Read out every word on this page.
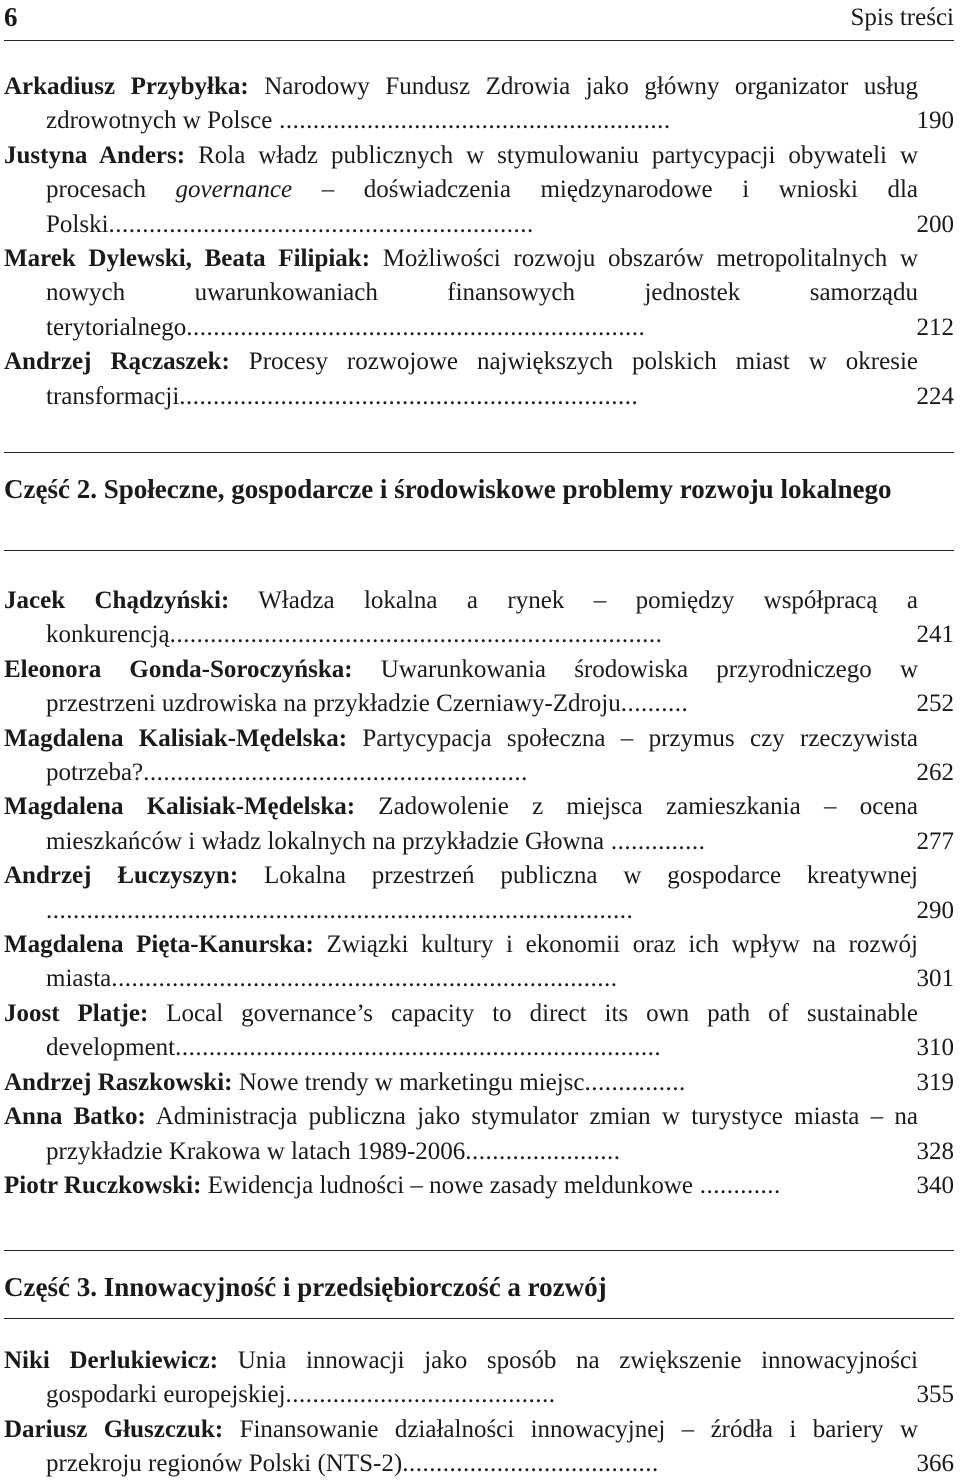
6	Spis treści
Arkadiusz Przybyłka: Narodowy Fundusz Zdrowia jako główny organizator usług zdrowotnych w Polsce ..........................................................	190
Justyna Anders: Rola władz publicznych w stymulowaniu partycypacji obywateli w procesach governance – doświadczenia międzynarodowe i wnioski dla Polski...............................................................	200
Marek Dylewski, Beata Filipiak: Możliwości rozwoju obszarów metropolitalnych w nowych uwarunkowaniach finansowych jednostek samorządu terytorialnego....................................................................	212
Andrzej Rączaszek: Procesy rozwojowe największych polskich miast w okresie transformacji....................................................................	224
Część 2. Społeczne, gospodarcze i środowiskowe problemy rozwoju lokalnego
Jacek Chądzyński: Władza lokalna a rynek – pomiędzy współpracą a konkurencją.........................................................................	241
Eleonora Gonda-Soroczyńska: Uwarunkowania środowiska przyrodniczego w przestrzeni uzdrowiska na przykładzie Czerniawy-Zdroju..........	252
Magdalena Kalisiak-Mędelska: Partycypacja społeczna – przymus czy rzeczywista potrzeba?.........................................................	262
Magdalena Kalisiak-Mędelska: Zadowolenie z miejsca zamieszkania – ocena mieszkańców i władz lokalnych na przykładzie Głowna ..............	277
Andrzej Łuczyszyn: Lokalna przestrzeń publiczna w gospodarce kreatywnej .......................................................................................	290
Magdalena Pięta-Kanurska: Związki kultury i ekonomii oraz ich wpływ na rozwój miasta...........................................................................	301
Joost Platje: Local governance’s capacity to direct its own path of sustainable development........................................................................	310
Andrzej Raszkowski: Nowe trendy w marketingu miejsc...............	319
Anna Batko: Administracja publiczna jako stymulator zmian w turystyce miasta – na przykładzie Krakowa w latach 1989-2006.......................	328
Piotr Ruczkowski: Ewidencja ludności – nowe zasady meldunkowe ............	340
Część 3. Innowacyjność i przedsiębiorczość a rozwój
Niki Derlukiewicz: Unia innowacji jako sposób na zwiększenie innowacyjności gospodarki europejskiej........................................	355
Dariusz Głuszczuk: Finansowanie działalności innowacyjnej – źródła i bariery w przekroju regionów Polski (NTS-2)......................................	366
